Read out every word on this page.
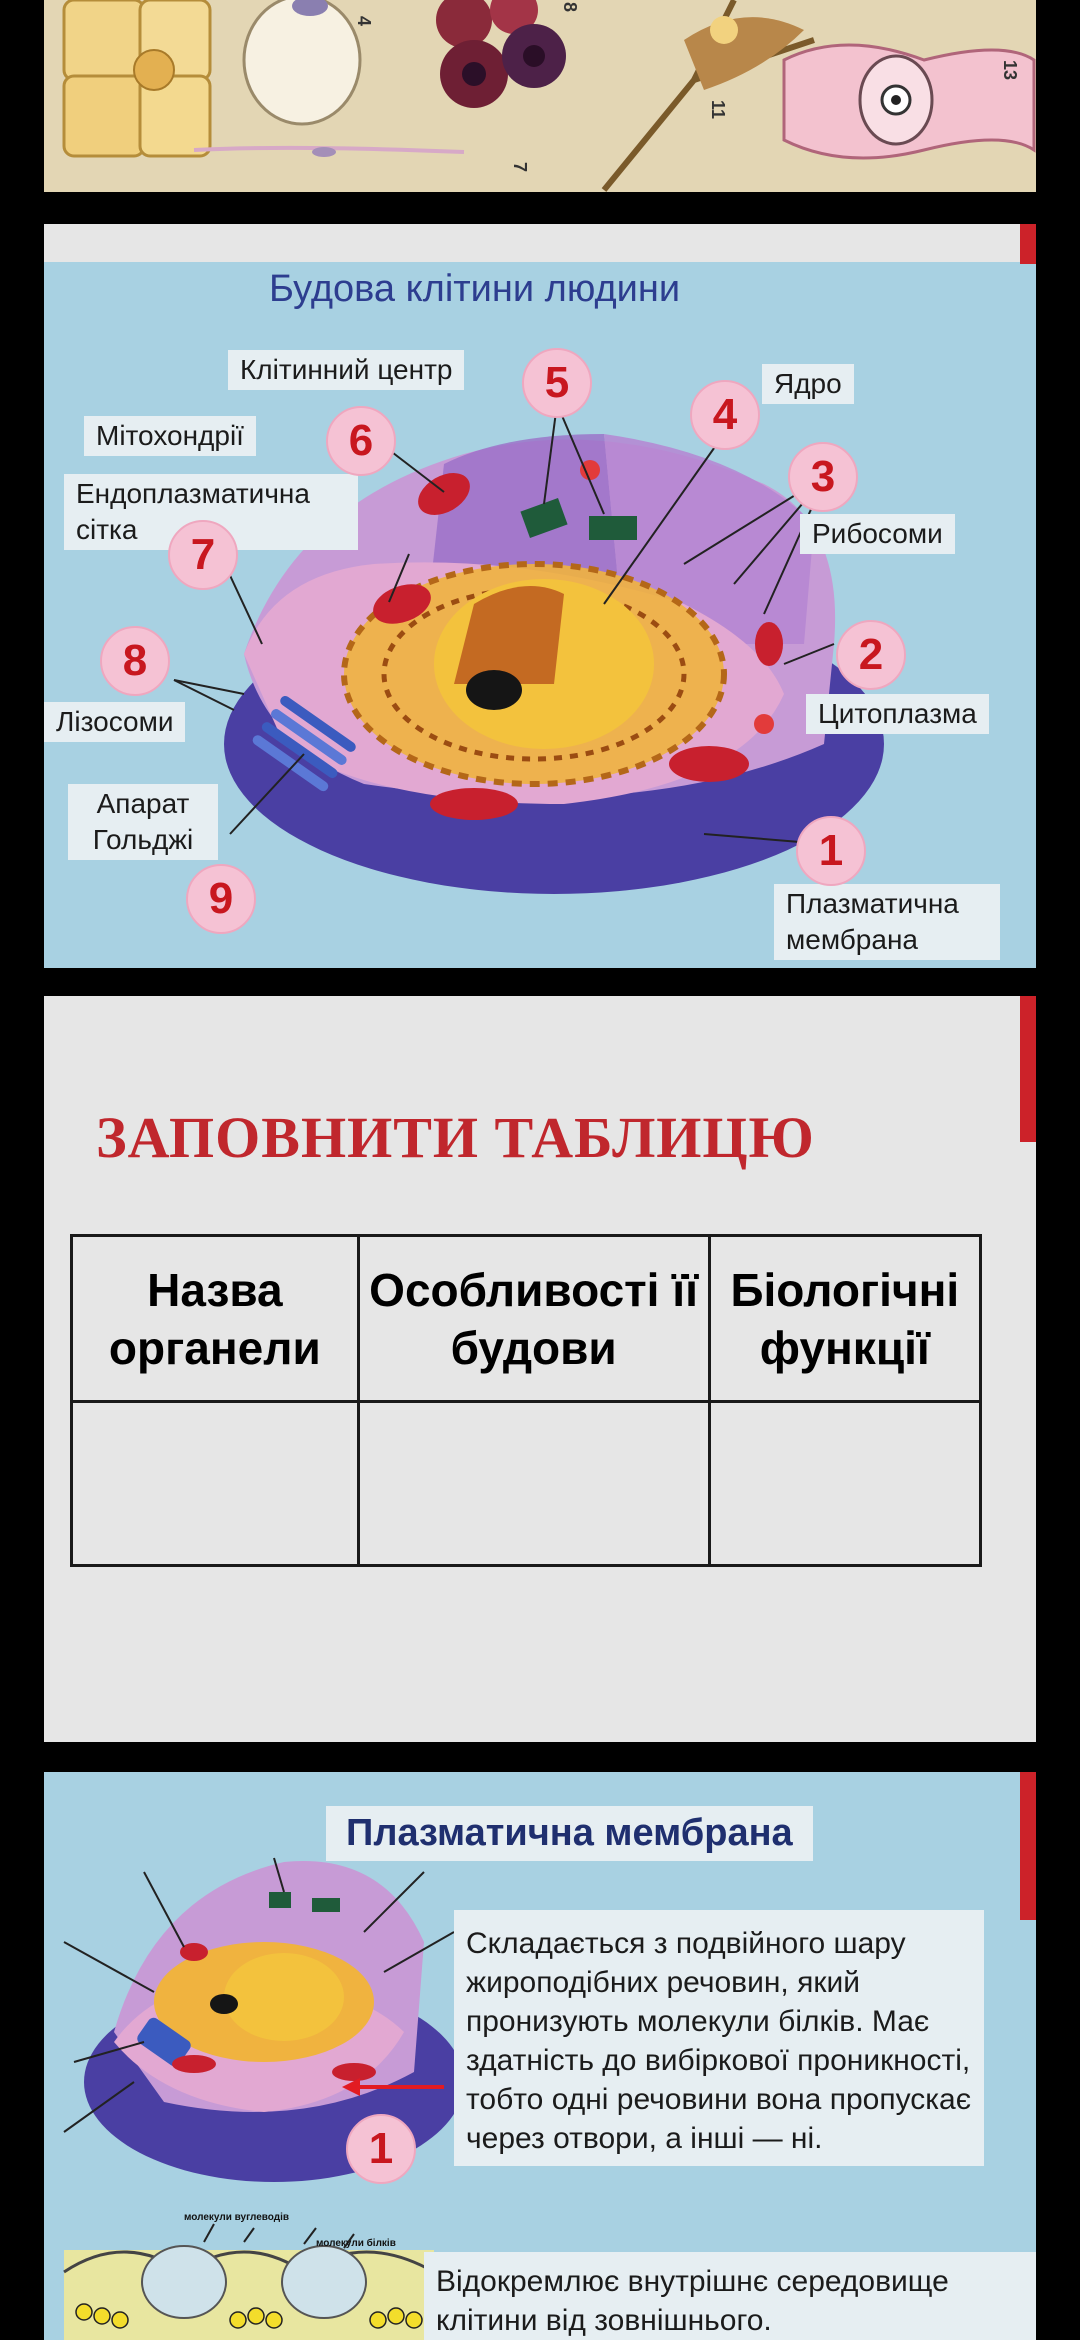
4
7
8
11
13
Будова клітини людини
Клітинний центр	Ядро
Мітохондрії
Ендоплазматична сітка	Рибосоми
Лізосоми	Цитоплазма
Апарат Гольджі
Плазматична мембрана
5
4
6
3
7
8	2
1
9
ЗАПОВНИТИ ТАБЛИЦЮ
Назва органели	Особливості її будови	Біологічні функції

Плазматична мембрана
молекули вуглеводів
молекули білків
1
Складається з подвійного шару жироподібних речовин, який пронизують молекули білків. Має здатність до вибіркової проникності, тобто одні речовини вона пропускає через отвори, а інші — ні.
Відокремлює внутрішнє середовище клітини від зовнішнього.
